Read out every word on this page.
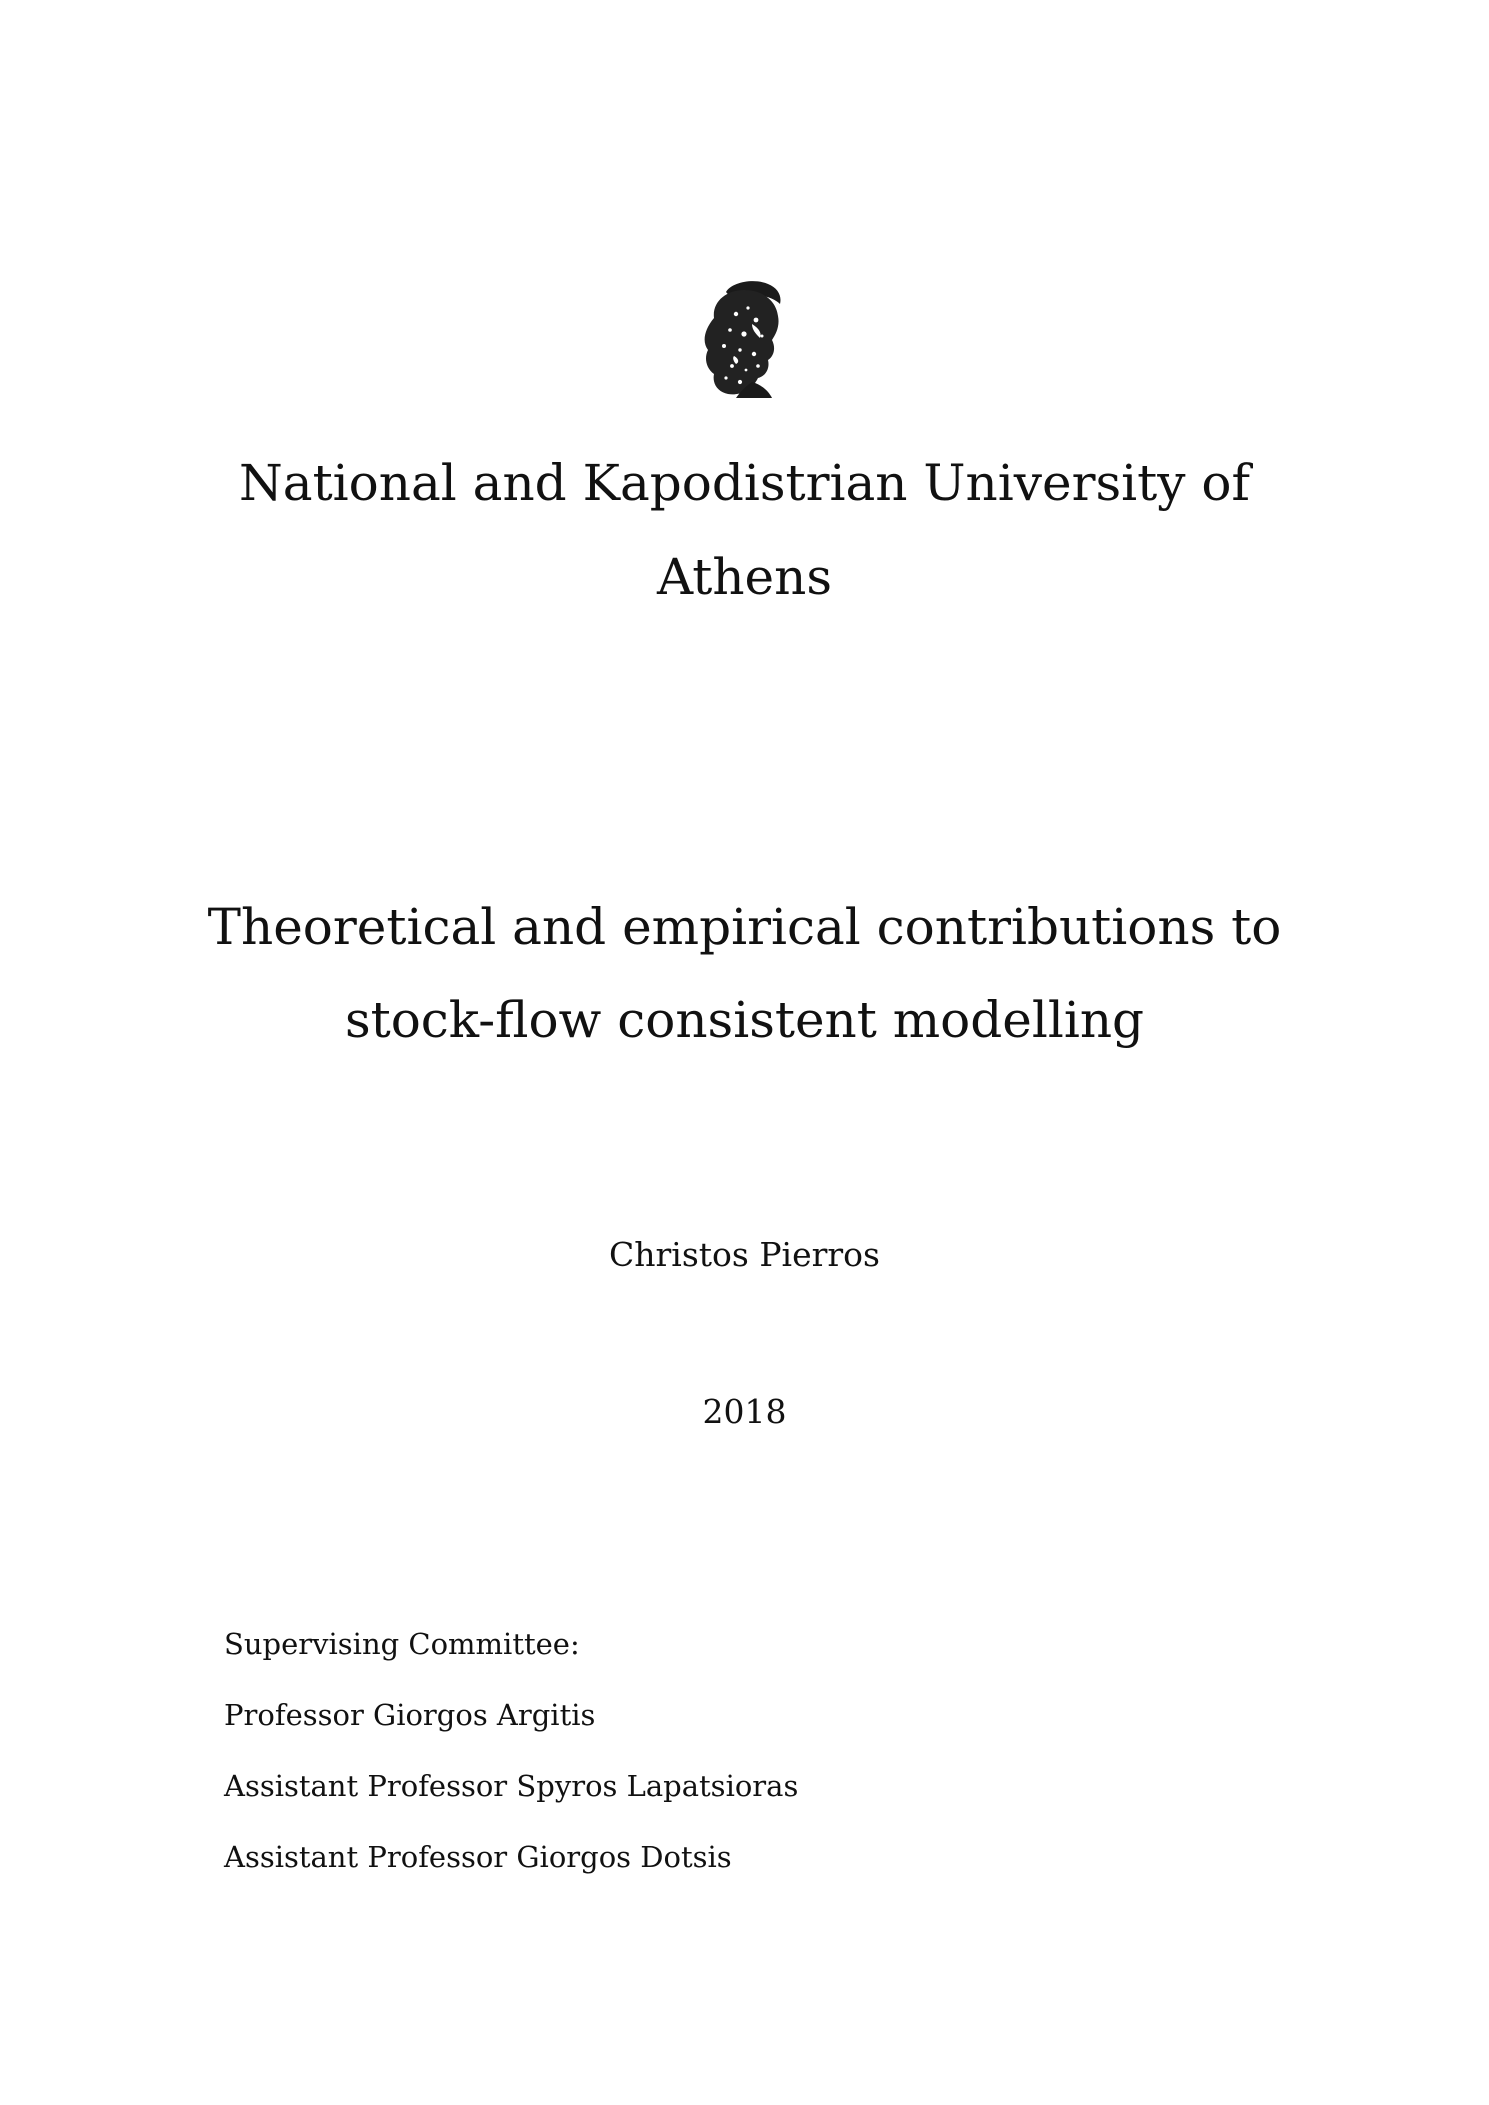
National and Kapodistrian University of
Athens
Theoretical and empirical contributions to
stock-flow consistent modelling
Christos Pierros
2018
Supervising Committee:
Professor Giorgos Argitis
Assistant Professor Spyros Lapatsioras
Assistant Professor Giorgos Dotsis
